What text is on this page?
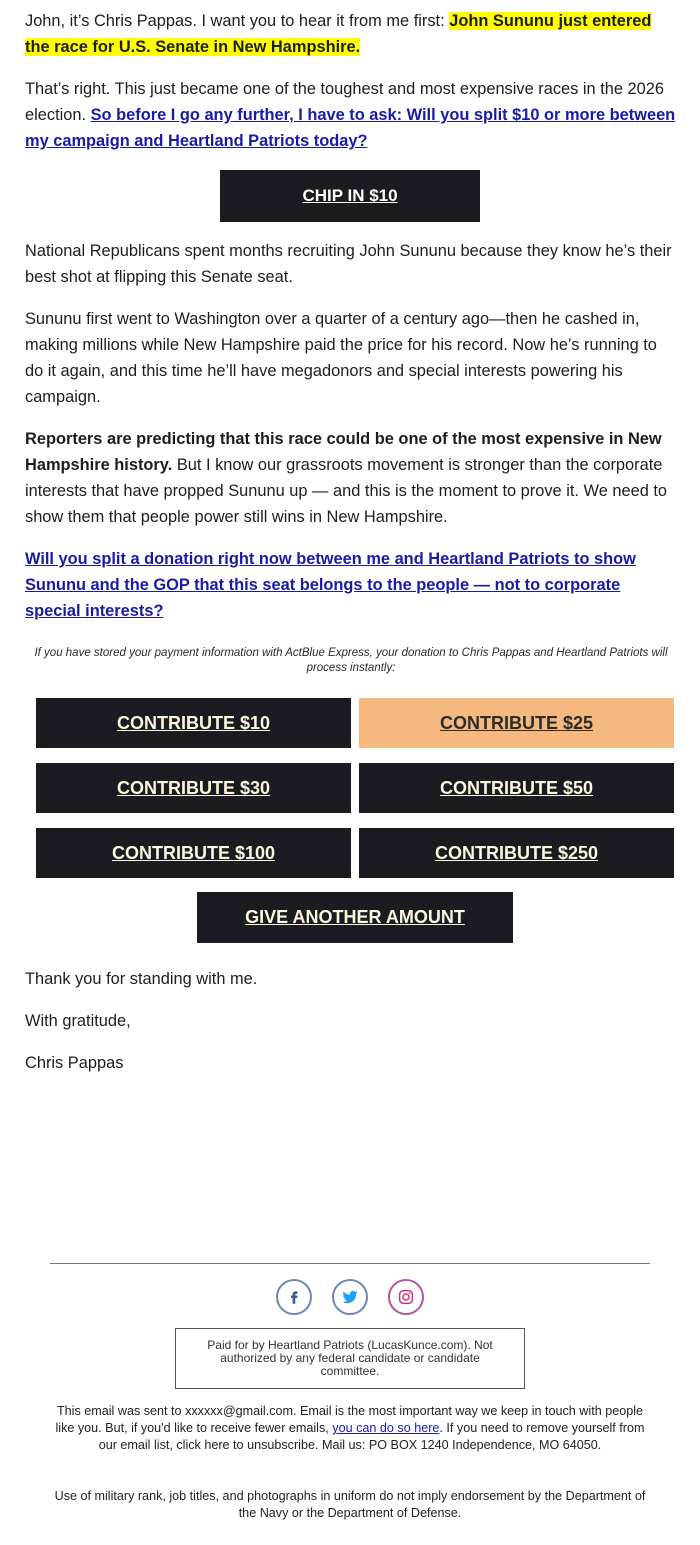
John, it’s Chris Pappas. I want you to hear it from me first: John Sununu just entered the race for U.S. Senate in New Hampshire.
That’s right. This just became one of the toughest and most expensive races in the 2026 election. So before I go any further, I have to ask: Will you split $10 or more between my campaign and Heartland Patriots today?
CHIP IN $10
National Republicans spent months recruiting John Sununu because they know he’s their best shot at flipping this Senate seat.
Sununu first went to Washington over a quarter of a century ago—then he cashed in, making millions while New Hampshire paid the price for his record. Now he’s running to do it again, and this time he’ll have megadonors and special interests powering his campaign.
Reporters are predicting that this race could be one of the most expensive in New Hampshire history. But I know our grassroots movement is stronger than the corporate interests that have propped Sununu up — and this is the moment to prove it. We need to show them that people power still wins in New Hampshire.
Will you split a donation right now between me and Heartland Patriots to show Sununu and the GOP that this seat belongs to the people — not to corporate special interests?
If you have stored your payment information with ActBlue Express, your donation to Chris Pappas and Heartland Patriots will process instantly:
CONTRIBUTE $10	CONTRIBUTE $25
CONTRIBUTE $30	CONTRIBUTE $50
CONTRIBUTE $100	CONTRIBUTE $250
GIVE ANOTHER AMOUNT
Thank you for standing with me.
With gratitude,
Chris Pappas
Paid for by Heartland Patriots (LucasKunce.com). Not authorized by any federal candidate or candidate committee.
This email was sent to xxxxxx@gmail.com. Email is the most important way we keep in touch with people like you. But, if you'd like to receive fewer emails, you can do so here. If you need to remove yourself from our email list, click here to unsubscribe. Mail us: PO BOX 1240 Independence, MO 64050.
Use of military rank, job titles, and photographs in uniform do not imply endorsement by the Department of the Navy or the Department of Defense.
